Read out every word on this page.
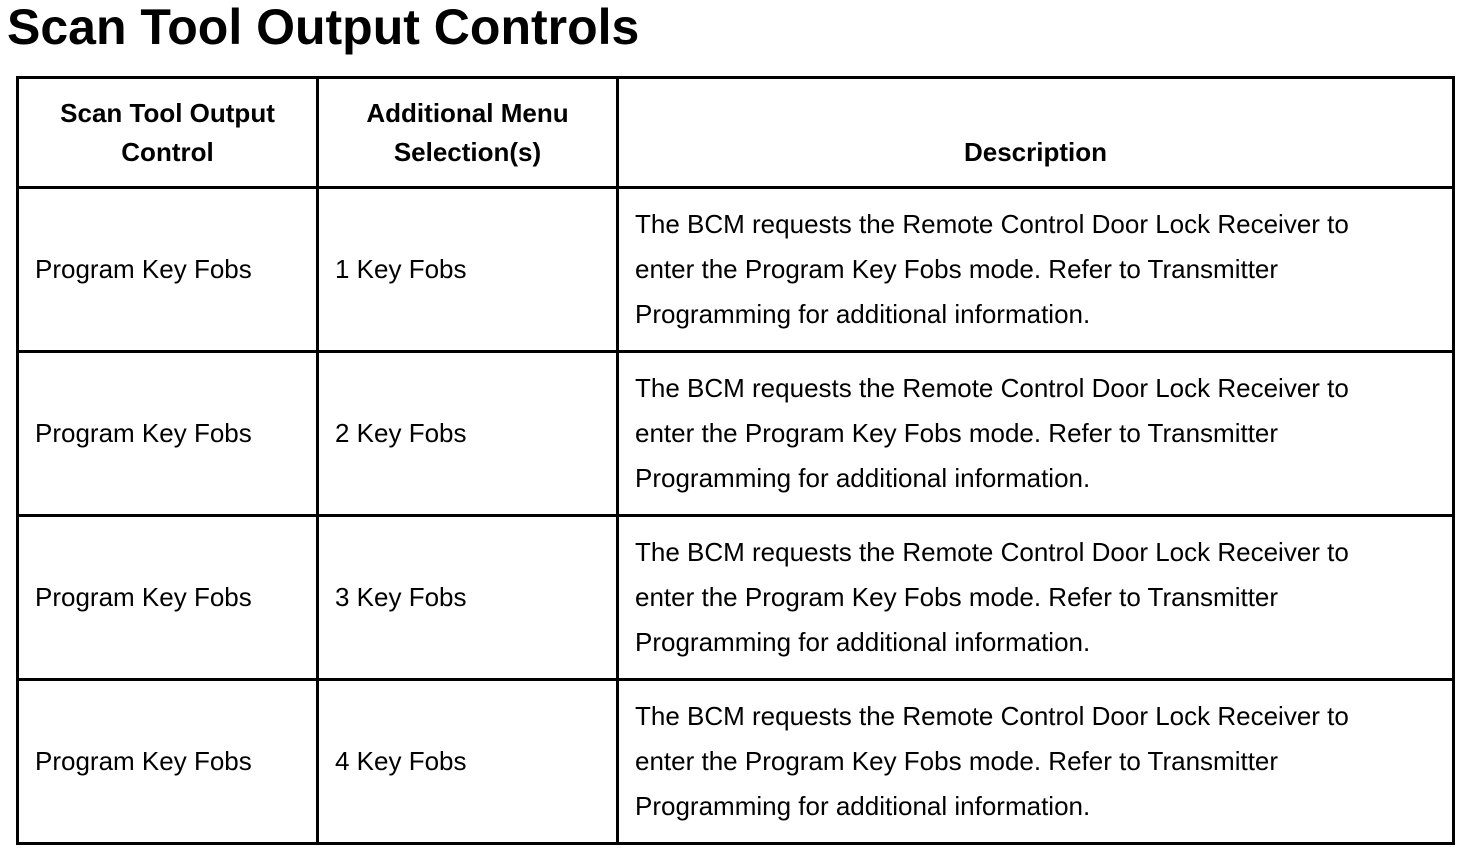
Scan Tool Output Controls
Scan Tool Output Control	Additional Menu Selection(s)	Description
Program Key Fobs	1 Key Fobs	The BCM requests the Remote Control Door Lock Receiver to enter the Program Key Fobs mode. Refer to Transmitter Programming for additional information.
Program Key Fobs	2 Key Fobs	The BCM requests the Remote Control Door Lock Receiver to enter the Program Key Fobs mode. Refer to Transmitter Programming for additional information.
Program Key Fobs	3 Key Fobs	The BCM requests the Remote Control Door Lock Receiver to enter the Program Key Fobs mode. Refer to Transmitter Programming for additional information.
Program Key Fobs	4 Key Fobs	The BCM requests the Remote Control Door Lock Receiver to enter the Program Key Fobs mode. Refer to Transmitter Programming for additional information.
